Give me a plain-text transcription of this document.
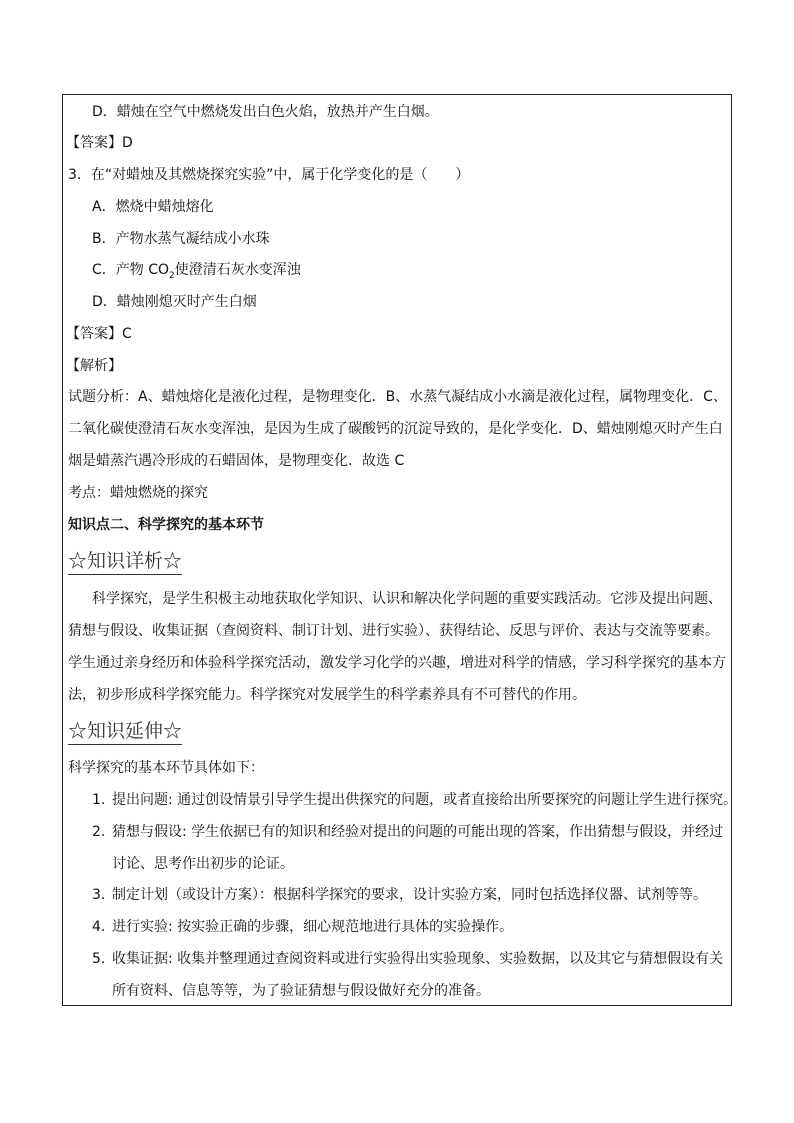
D．蜡烛在空气中燃烧发出白色火焰，放热并产生白烟。
【答案】D
3．在“对蜡烛及其燃烧探究实验”中，属于化学变化的是（　　）
A．燃烧中蜡烛熔化
B．产物水蒸气凝结成小水珠
C．产物 $CO_2$使澄清石灰水变浑浊
D．蜡烛刚熄灭时产生白烟
【答案】C
【解析】
试题分析：A、蜡烛熔化是液化过程，是物理变化．B、水蒸气凝结成小水滴是液化过程，属物理变化．C、
二氧化碳使澄清石灰水变浑浊，是因为生成了碳酸钙的沉淀导致的，是化学变化．D、蜡烛刚熄灭时产生白
烟是蜡蒸汽遇冷形成的石蜡固体，是物理变化．故选 C
考点：蜡烛燃烧的探究
知识点二、科学探究的基本环节
☆知识详析☆
科学探究，是学生积极主动地获取化学知识、认识和解决化学问题的重要实践活动。它涉及提出问题、
猜想与假设、收集证据（查阅资料、制订计划、进行实验）、获得结论、反思与评价、表达与交流等要素。
学生通过亲身经历和体验科学探究活动，激发学习化学的兴趣，增进对科学的情感，学习科学探究的基本方
法，初步形成科学探究能力。科学探究对发展学生的科学素养具有不可替代的作用。
☆知识延伸☆
科学探究的基本环节具体如下：
1. 提出问题: 通过创设情景引导学生提出供探究的问题，或者直接给出所要探究的问题让学生进行探究。
2. 猜想与假设: 学生依据已有的知识和经验对提出的问题的可能出现的答案，作出猜想与假设，并经过
讨论、思考作出初步的论证。
3. 制定计划（或设计方案）：根据科学探究的要求，设计实验方案，同时包括选择仪器、试剂等等。
4. 进行实验: 按实验正确的步骤，细心规范地进行具体的实验操作。
5. 收集证据: 收集并整理通过查阅资料或进行实验得出实验现象、实验数据，以及其它与猜想假设有关
所有资料、信息等等，为了验证猜想与假设做好充分的准备。
